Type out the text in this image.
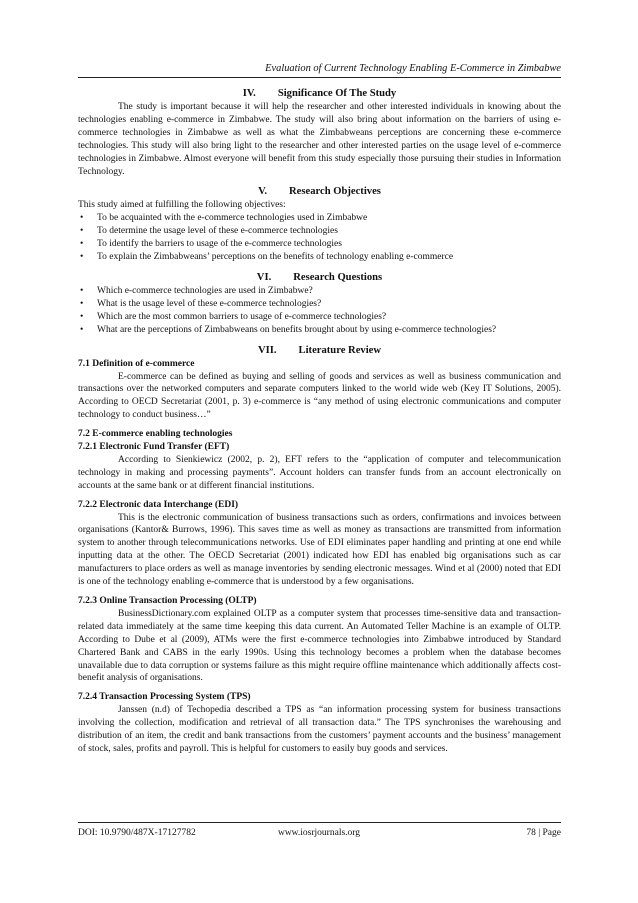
Evaluation of Current Technology Enabling E-Commerce in Zimbabwe

IV. Significance Of The Study

The study is important because it will help the researcher and other interested individuals in knowing about the technologies enabling e-commerce in Zimbabwe. The study will also bring about information on the barriers of using e-commerce technologies in Zimbabwe as well as what the Zimbabweans perceptions are concerning these e-commerce technologies. This study will also bring light to the researcher and other interested parties on the usage level of e-commerce technologies in Zimbabwe. Almost everyone will benefit from this study especially those pursuing their studies in Information Technology.

V. Research Objectives

This study aimed at fulfilling the following objectives:

• To be acquainted with the e-commerce technologies used in Zimbabwe
• To determine the usage level of these e-commerce technologies
• To identify the barriers to usage of the e-commerce technologies
• To explain the Zimbabweans’ perceptions on the benefits of technology enabling e-commerce

VI. Research Questions

• Which e-commerce technologies are used in Zimbabwe?
• What is the usage level of these e-commerce technologies?
• Which are the most common barriers to usage of e-commerce technologies?
• What are the perceptions of Zimbabweans on benefits brought about by using e-commerce technologies?

VII. Literature Review

7.1 Definition of e-commerce

E-commerce can be defined as buying and selling of goods and services as well as business communication and transactions over the networked computers and separate computers linked to the world wide web (Key IT Solutions, 2005). According to OECD Secretariat (2001, p. 3) e-commerce is “any method of using electronic communications and computer technology to conduct business…”

7.2 E-commerce enabling technologies

7.2.1 Electronic Fund Transfer (EFT)

According to Sienkiewicz (2002, p. 2), EFT refers to the “application of computer and telecommunication technology in making and processing payments”. Account holders can transfer funds from an account electronically on accounts at the same bank or at different financial institutions.

7.2.2 Electronic data Interchange (EDI)

This is the electronic communication of business transactions such as orders, confirmations and invoices between organisations (Kantor& Burrows, 1996). This saves time as well as money as transactions are transmitted from information system to another through telecommunications networks. Use of EDI eliminates paper handling and printing at one end while inputting data at the other. The OECD Secretariat (2001) indicated how EDI has enabled big organisations such as car manufacturers to place orders as well as manage inventories by sending electronic messages. Wind et al (2000) noted that EDI is one of the technology enabling e-commerce that is understood by a few organisations.

7.2.3 Online Transaction Processing (OLTP)

BusinessDictionary.com explained OLTP as a computer system that processes time-sensitive data and transaction-related data immediately at the same time keeping this data current. An Automated Teller Machine is an example of OLTP. According to Dube et al (2009), ATMs were the first e-commerce technologies into Zimbabwe introduced by Standard Chartered Bank and CABS in the early 1990s. Using this technology becomes a problem when the database becomes unavailable due to data corruption or systems failure as this might require offline maintenance which additionally affects cost-benefit analysis of organisations.

7.2.4 Transaction Processing System (TPS)

Janssen (n.d) of Techopedia described a TPS as “an information processing system for business transactions involving the collection, modification and retrieval of all transaction data.” The TPS synchronises the warehousing and distribution of an item, the credit and bank transactions from the customers’ payment accounts and the business’ management of stock, sales, profits and payroll. This is helpful for customers to easily buy goods and services.

DOI: 10.9790/487X-17127782	www.iosrjournals.org	78 | Page
